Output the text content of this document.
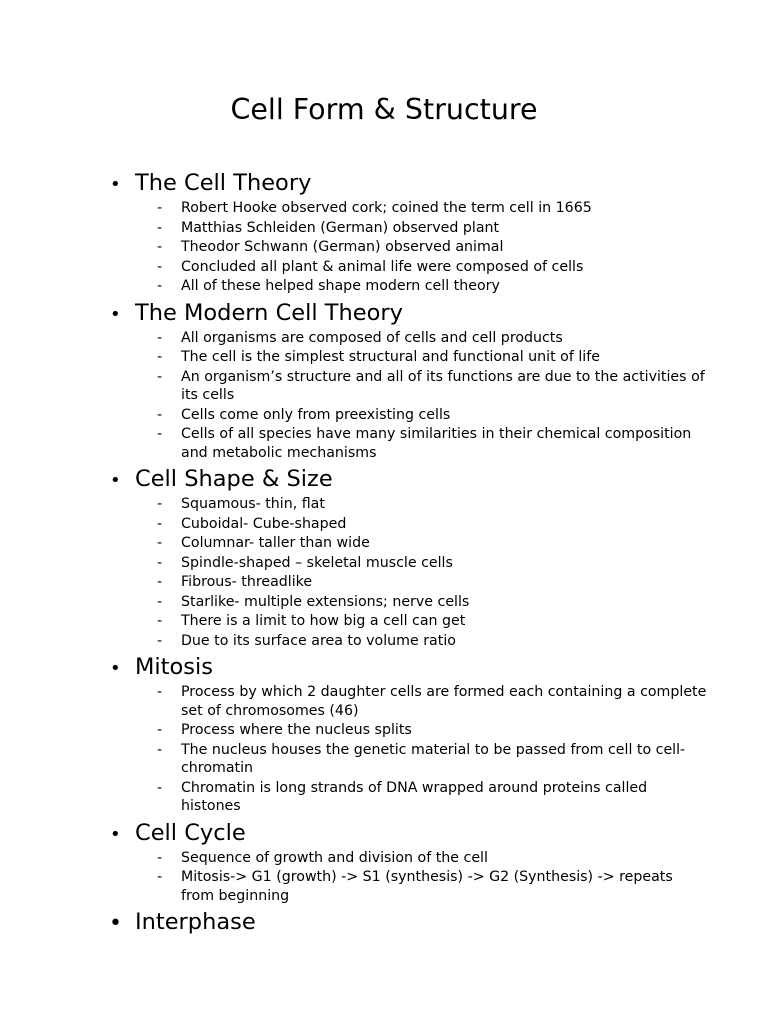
Cell Form & Structure
• The Cell Theory
- Robert Hooke observed cork; coined the term cell in 1665
- Matthias Schleiden (German) observed plant
- Theodor Schwann (German) observed animal
- Concluded all plant & animal life were composed of cells
- All of these helped shape modern cell theory
• The Modern Cell Theory
- All organisms are composed of cells and cell products
- The cell is the simplest structural and functional unit of life
- An organism’s structure and all of its functions are due to the activities of its cells
- Cells come only from preexisting cells
- Cells of all species have many similarities in their chemical composition and metabolic mechanisms
• Cell Shape & Size
- Squamous- thin, flat
- Cuboidal- Cube-shaped
- Columnar- taller than wide
- Spindle-shaped – skeletal muscle cells
- Fibrous- threadlike
- Starlike- multiple extensions; nerve cells
- There is a limit to how big a cell can get
- Due to its surface area to volume ratio
• Mitosis
- Process by which 2 daughter cells are formed each containing a complete set of chromosomes (46)
- Process where the nucleus splits
- The nucleus houses the genetic material to be passed from cell to cell- chromatin
- Chromatin is long strands of DNA wrapped around proteins called histones
• Cell Cycle
- Sequence of growth and division of the cell
- Mitosis-> G1 (growth) -> S1 (synthesis) -> G2 (Synthesis) -> repeats from beginning
• Interphase
